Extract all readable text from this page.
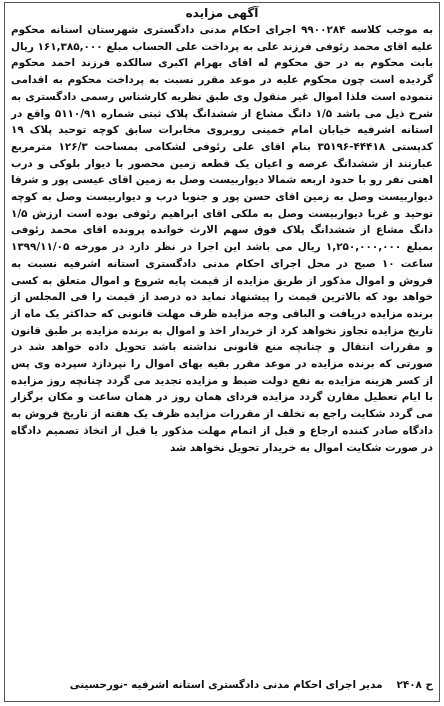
آگهی مزایده

به موجب کلاسه ۹۹۰۰۲۸۴ اجرای احکام مدنی دادگستری شهرستان استانه محکوم علیه اقای محمد رئوفی فرزند علی به پرداخت علی الحساب مبلغ ۱۶۱,۳۸۵,۰۰۰ ریال بابت محکوم به در حق محکوم له اقای بهرام اکبری سالکده فرزند احمد محکوم گردیده است چون محکوم علیه در موعد مقرر نسبت به پرداخت محکوم به اقدامی ننموده است فلذا اموال غیر منقول وی طبق نظریه کارشناس رسمی دادگستری به شرح ذیل می باشد ۱/۵ دانگ مشاع از ششدانگ پلاک ثبتی شماره ۵۱۱۰/۹۱ واقع در استانه اشرفیه خیابان امام خمینی روبروی مخابرات سابق کوچه توحید پلاک ۱۹ کدپستی ۴۴۴۱۸-۳۵۱۹۶ بنام اقای علی رئوفی لشکامی بمساحت ۱۲۶/۳ مترمربع عبارتند از ششدانگ عرصه و اعیان یک قطعه زمین محصور با دیوار بلوکی و درب اهنی نفر رو با حدود اربعه شمالا دیواربیست وصل به زمین اقای عیسی پور و شرقا دیواربیست وصل به زمین اقای حسن پور و جنوبا درب و دیواربیست وصل به کوچه توحید و غربا دیواربیست وصل به ملکی اقای ابراهیم رئوفی بوده است ارزش ۱/۵ دانگ مشاع از ششدانگ پلاک فوق سهم الارث خوانده پرونده اقای محمد رئوفی بمبلغ ۱,۲۵۰,۰۰۰,۰۰۰ ریال می باشد این اجرا در نظر دارد در مورخه ۱۳۹۹/۱۱/۰۵ ساعت ۱۰ صبح در محل اجرای احکام مدنی دادگستری استانه اشرفیه نسبت به فروش و اموال مذکور از طریق مزایده از قیمت پایه شروع و اموال متعلق به کسی خواهد بود که بالاترین قیمت را پیشنهاد نماید ده درصد از قیمت را فی المجلس از برنده مزایده دریافت و الباقی وجه مزایده ظرف مهلت قانونی که حداکثر یک ماه از تاریخ مزایده تجاوز نخواهد کرد از خریدار اخذ و اموال به برنده مزایده بر طبق قانون و مقررات انتقال و چنانچه منع قانونی نداشته باشد تحویل داده خواهد شد در صورتی که برنده مزایده در موعد مقرر بقیه بهای اموال را نپردازد سپرده وی پس از کسر هزینه مزایده به نفع دولت ضبط و مزایده تجدید می گردد چنانچه روز مزایده با ایام تعطیل مقارن گردد مزایده فردای همان روز در همان ساعت و مکان برگزار می گردد شکایت راجع به تخلف از مقررات مزایده ظرف یک هفته از تاریخ فروش به دادگاه صادر کننده ارجاع و قبل از اتمام مهلت مذکور یا قبل از اتخاذ تصمیم دادگاه در صورت شکایت اموال به خریدار تحویل نخواهد شد

ح ۲۴۰۸
مدیر اجرای احکام مدنی دادگستری استانه اشرفیه -نورحسینی
